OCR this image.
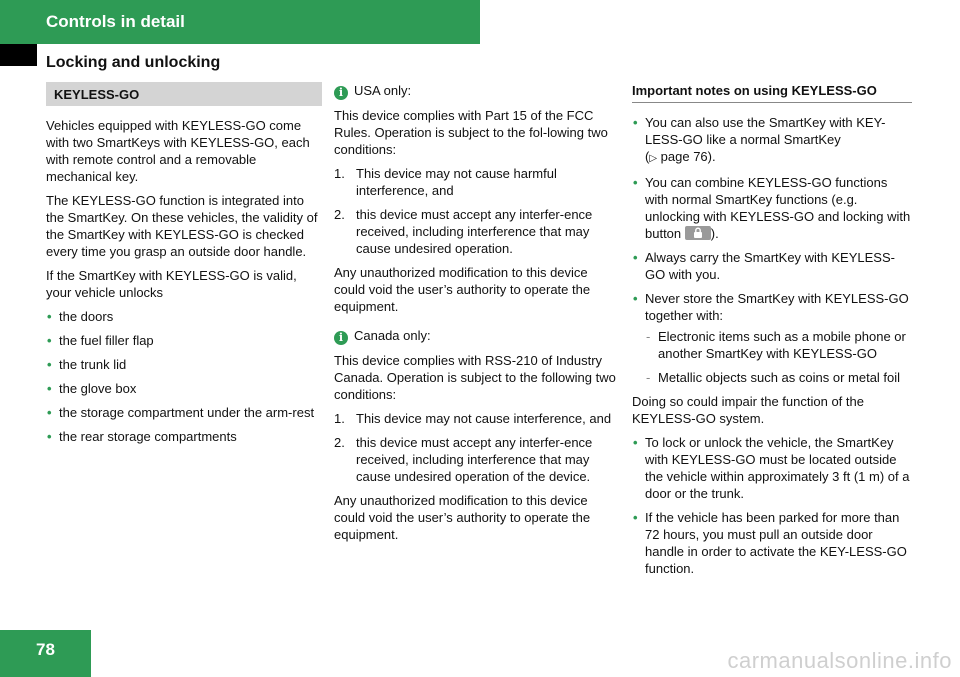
Controls in detail
Locking and unlocking
KEYLESS-GO

Vehicles equipped with KEYLESS-GO come with two SmartKeys with KEYLESS-GO, each with remote control and a removable mechanical key.

The KEYLESS-GO function is integrated into the SmartKey. On these vehicles, the validity of the SmartKey with KEYLESS-GO is checked every time you grasp an outside door handle.

If the SmartKey with KEYLESS-GO is valid, your vehicle unlocks

• the doors
• the fuel filler flap
• the trunk lid
• the glove box
• the storage compartment under the arm-rest
• the rear storage compartments

i USA only:

This device complies with Part 15 of the FCC Rules. Operation is subject to the fol-lowing two conditions:

1. This device may not cause harmful interference, and
2. this device must accept any interfer-ence received, including interference that may cause undesired operation.

Any unauthorized modification to this device could void the user’s authority to operate the equipment.

i Canada only:

This device complies with RSS-210 of Industry Canada. Operation is subject to the following two conditions:

1. This device may not cause interference, and
2. this device must accept any interfer-ence received, including interference that may cause undesired operation of the device.

Any unauthorized modification to this device could void the user’s authority to operate the equipment.

Important notes on using KEYLESS-GO
• You can also use the SmartKey with KEY-LESS-GO like a normal SmartKey
(▷ page 76).
• You can combine KEYLESS-GO functions with normal SmartKey functions (e.g. unlocking with KEYLESS-GO and locking with button ).
• Always carry the SmartKey with KEYLESS-GO with you.
• Never store the SmartKey with KEYLESS-GO together with:
- Electronic items such as a mobile phone or another SmartKey with KEYLESS-GO
- Metallic objects such as coins or metal foil

Doing so could impair the function of the KEYLESS-GO system.

• To lock or unlock the vehicle, the SmartKey with KEYLESS-GO must be located outside the vehicle within approximately 3 ft (1 m) of a door or the trunk.
• If the vehicle has been parked for more than 72 hours, you must pull an outside door handle in order to activate the KEY-LESS-GO function.
78	carmanualsonline.info
